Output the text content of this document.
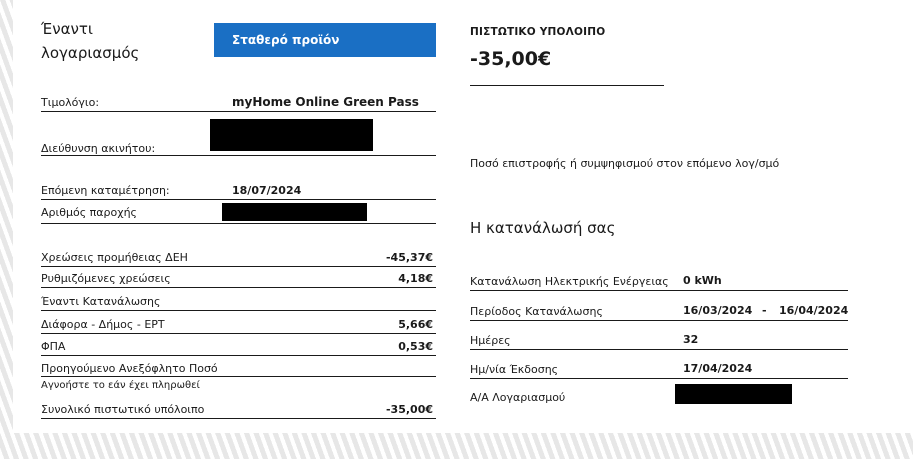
Έναντι
λογαριασμός
Σταθερό προϊόν
Τιμολόγιο:	myHome Online Green Pass
Διεύθυνση ακινήτου:
Επόμενη καταμέτρηση:	18/07/2024
Αριθμός παροχής
Χρεώσεις προμήθειας ΔΕΗ	-45,37€
Ρυθμιζόμενες χρεώσεις	4,18€
Έναντι Κατανάλωσης
Διάφορα - Δήμος - ΕΡΤ	5,66€
ΦΠΑ	0,53€
Προηγούμενο Ανεξόφλητο Ποσό
Αγνοήστε το εάν έχει πληρωθεί
Συνολικό πιστωτικό υπόλοιπο	-35,00€
ΠΙΣΤΩΤΙΚΟ ΥΠΟΛΟΙΠΟ
-35,00€
Ποσό επιστροφής ή συμψηφισμού στον επόμενο λογ/σμό
Η κατανάλωσή σας
Κατανάλωση Ηλεκτρικής Ενέργειας 0 kWh
Περίοδος Κατανάλωσης	16/03/2024 - 16/04/2024
Ημέρες	32
Ημ/νία Έκδοσης	17/04/2024
Α/Α Λογαριασμού
